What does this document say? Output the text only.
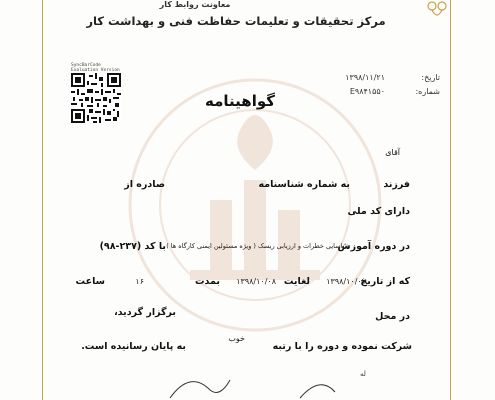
معاونت روابط کار
مرکز تحقیقات و تعلیمات حفاظت فنی و بهداشت کار
SyncBarCode
Evaluation Version
تاریخ:
۱۳۹۸/۱۱/۲۱
شماره:
E۹۸۴۱۵۵۰
گواهینامه
آقای
فرزند
به شماره شناسنامه
صادره از
دارای کد ملی
در دوره آموزش
شناسایی خطرات و ارزیابی ریسک ( ویژه مسئولین ایمنی کارگاه ها )
با کد (۲۳۷-۹۸)
که از تاریخ
۱۳۹۸/۱۰/۰۷
لغایت
۱۳۹۸/۱۰/۰۸
بمدت
۱۶
ساعت
برگزار گردید،	در محل
شرکت نموده و دوره را با رتبه
خوب
به پایان رسانیده است.
له
